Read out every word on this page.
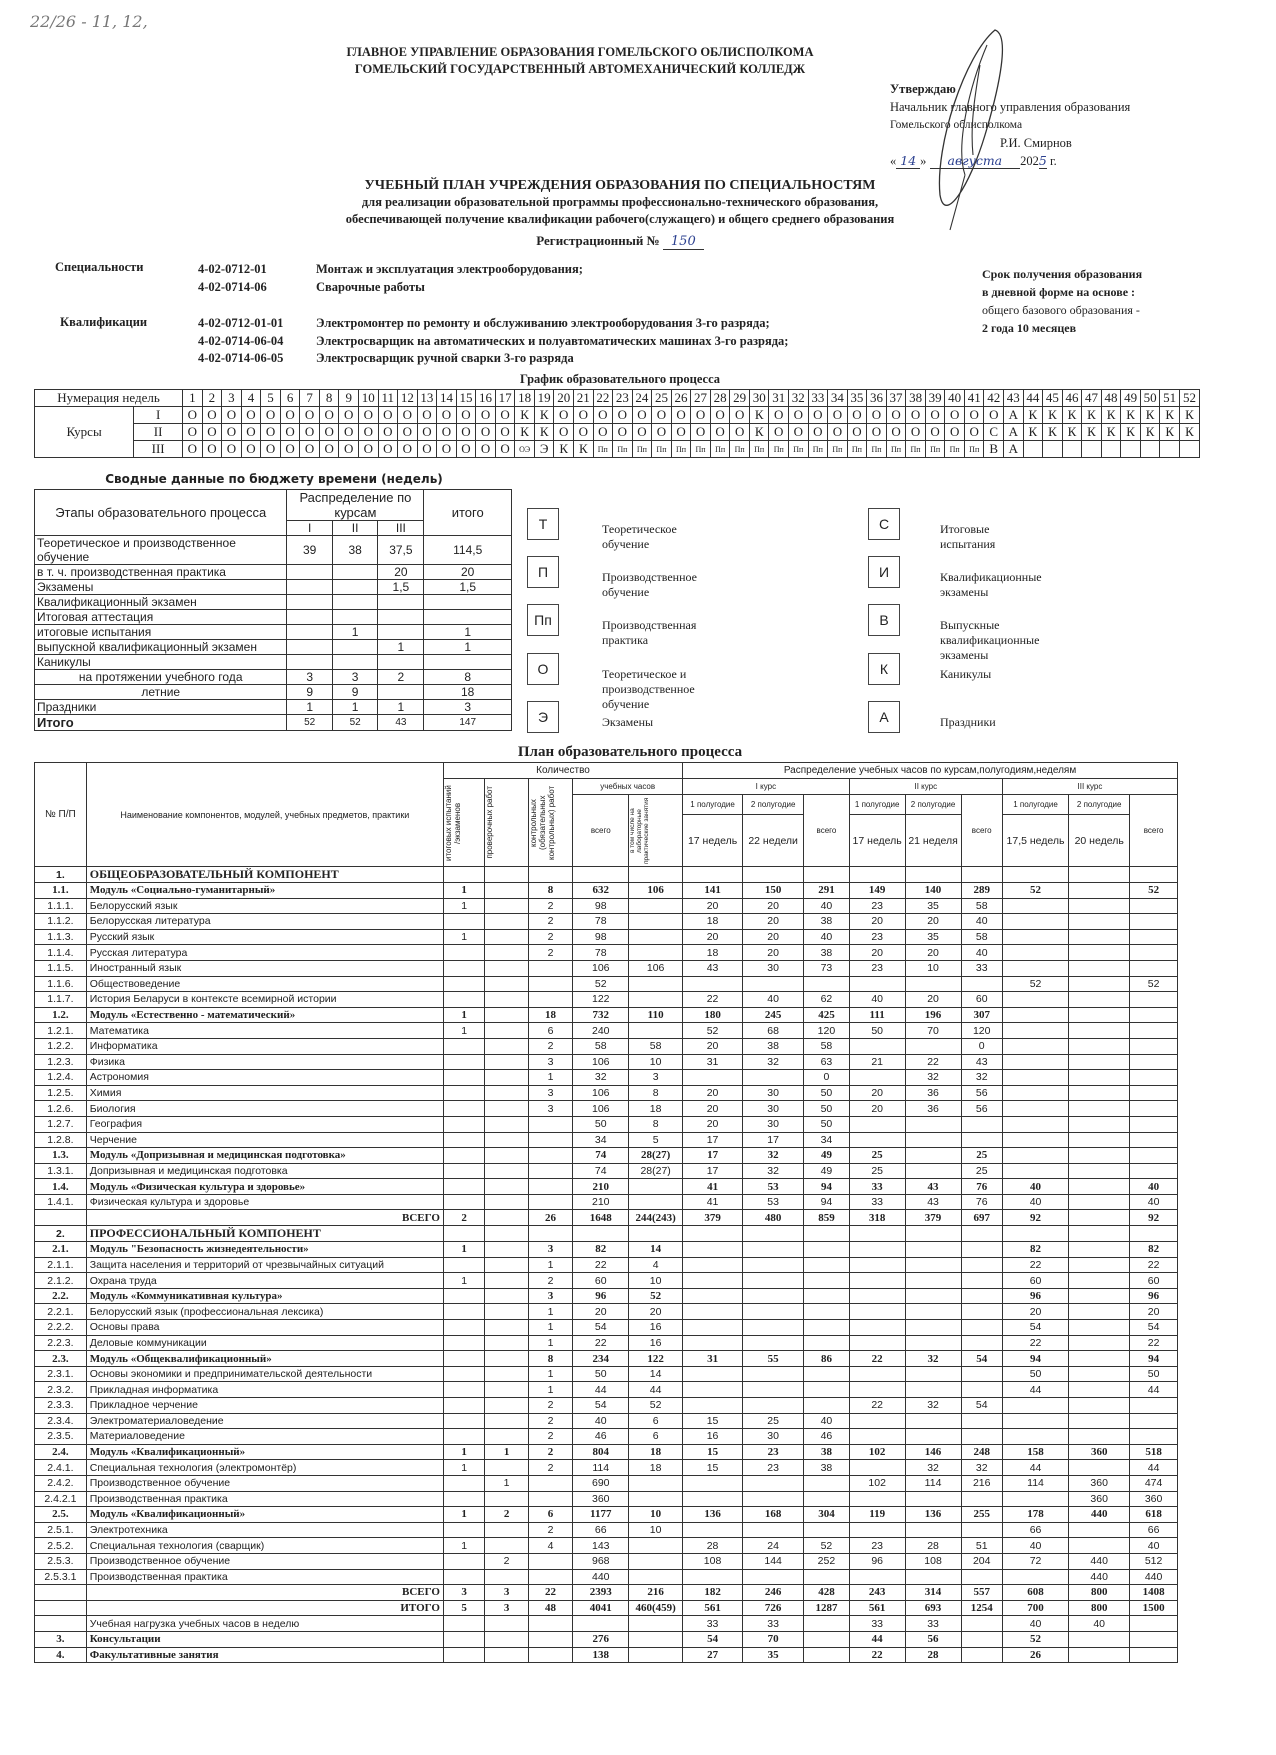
22/26 - 11, 12,
ГЛАВНОЕ УПРАВЛЕНИЕ ОБРАЗОВАНИЯ ГОМЕЛЬСКОГО ОБЛИСПОЛКОМА
ГОМЕЛЬСКИЙ ГОСУДАРСТВЕННЫЙ АВТОМЕХАНИЧЕСКИЙ КОЛЛЕДЖ
Утверждаю
Начальник главного управления образования
Гомельского облисполкома
Р.И. Смирнов
« 14 » августа 2025 г.
УЧЕБНЫЙ ПЛАН УЧРЕЖДЕНИЯ ОБРАЗОВАНИЯ ПО СПЕЦИАЛЬНОСТЯМ
для реализации образовательной программы профессионально-технического образования,
обеспечивающей получение квалификации рабочего(служащего) и общего среднего образования
Регистрационный № 150
Специальности	4-02-0712-01	Монтаж и эксплуатация электрооборудования;
4-02-0714-06	Сварочные работы
Квалификации	4-02-0712-01-01	Электромонтер по ремонту и обслуживанию электрооборудования 3-го разряда;
4-02-0714-06-04	Электросварщик на автоматических и полуавтоматических машинах 3-го разряда;
4-02-0714-06-05	Электросварщик ручной сварки 3-го разряда
Срок получения образования
в дневной форме на основе :
общего базового образования -
2 года 10 месяцев
График образовательного процесса
Нумерация недель		1	2	3	4	5	6	7	8	9	10	11	12	13	14	15	16	17	18	19	20	21	22	23	24	25	26	27	28	29	30	31	32	33	34	35	36	37	38	39	40	41	42	43	44	45	46	47	48	49	50	51	52
Курсы	I	О	О	О	О	О	О	О	О	О	О	О	О	О	О	О	О	О	К	К	О	О	О	О	О	О	О	О	О	О	К	О	О	О	О	О	О	О	О	О	О	О	О	А	К	К	К	К	К	К	К	К	К
	II	О	О	О	О	О	О	О	О	О	О	О	О	О	О	О	О	О	К	К	О	О	О	О	О	О	О	О	О	О	К	О	О	О	О	О	О	О	О	О	О	О	С	А	К	К	К	К	К	К	К	К	К
	III	О	О	О	О	О	О	О	О	О	О	О	О	О	О	О	О	О	ОЭ	Э	К	К	Пп	Пп	Пп	Пп	Пп	Пп	Пп	Пп	Пп	Пп	Пп	Пп	Пп	Пп	Пп	Пп	Пп	Пп	Пп	Пп	В	А									
Сводные данные по бюджету времени (недель)
Этапы образовательного процесса	Распределение по курсам			итого
	I	II	III	
Теоретическое и производственное обучение	39	38	37,5	114,5
в т. ч. производственная практика			20	20
Экзамены			1,5	1,5
Квалификационный экзамен				
Итоговая аттестация				
итоговые испытания		1		1
выпускной квалификационный экзамен			1	1
Каникулы				
на протяжении учебного года	3	3	2	8
летние	9	9		18
Праздники	1	1	1	3
Итого	52	52	43	147
Т	Теоретическое обучение
П	Производственное обучение
Пп	Производственная практика
О	Теоретическое и производственное обучение
Э	Экзамены
С	Итоговые испытания
И	Квалификационные экзамены
В	Выпускные квалификационные экзамены
К	Каникулы
А	Праздники
План образовательного процесса
№ П/П	Наименование компонентов, модулей, учебных предметов, практики	Количество					Распределение учебных часов по курсам,полугодиям,неделям								

		итоговых испытаний /экзаменов	проверочных работ	контрольных (обязательных контрольных) работ	учебных часов		I курс			II курс			III курс		
					всего	в том числе на лабораторные практические занятия	1 полугодие	2 полугодие	всего	1 полугодие	2 полугодие	всего	1 полугодие	2 полугодие	всего
							17 недель	22 недели		17 недель	21 неделя		17,5 недель	20 недель	
1.	ОБЩЕОБРАЗОВАТЕЛЬНЫЙ КОМПОНЕНТ														
1.1.	Модуль «Социально-гуманитарный»	1		8	632	106	141	150	291	149	140	289	52		52
1.1.1.	Белорусский язык	1		2	98		20	20	40	23	35	58			
1.1.2.	Белорусская литература			2	78		18	20	38	20	20	40			
1.1.3.	Русский язык	1		2	98		20	20	40	23	35	58			
1.1.4.	Русская литература			2	78		18	20	38	20	20	40			
1.1.5.	Иностранный язык				106	106	43	30	73	23	10	33			
1.1.6.	Обществоведение				52								52		52
1.1.7.	История Беларуси в контексте всемирной истории				122		22	40	62	40	20	60			
1.2.	Модуль «Естественно - математический»	1		18	732	110	180	245	425	111	196	307			
1.2.1.	Математика	1		6	240		52	68	120	50	70	120			
1.2.2.	Информатика			2	58	58	20	38	58			0			
1.2.3.	Физика			3	106	10	31	32	63	21	22	43			
1.2.4.	Астрономия			1	32	3			0		32	32			
1.2.5.	Химия			3	106	8	20	30	50	20	36	56			
1.2.6.	Биология			3	106	18	20	30	50	20	36	56			
1.2.7.	География				50	8	20	30	50						
1.2.8.	Черчение				34	5	17	17	34						
1.3.	Модуль «Допризывная и медицинская подготовка»				74	28(27)	17	32	49	25		25			
1.3.1.	Допризывная и медицинская подготовка				74	28(27)	17	32	49	25		25			
1.4.	Модуль «Физическая культура и здоровье»				210		41	53	94	33	43	76	40		40
1.4.1.	Физическая культура и здоровье				210		41	53	94	33	43	76	40		40
	ВСЕГО	2		26	1648	244(243)	379	480	859	318	379	697	92		92
2.	ПРОФЕССИОНАЛЬНЫЙ КОМПОНЕНТ														
2.1.	Модуль "Безопасность жизнедеятельности»	1		3	82	14							82		82
2.1.1.	Защита населения и территорий от чрезвычайных ситуаций			1	22	4							22		22
2.1.2.	Охрана труда	1		2	60	10							60		60
2.2.	Модуль «Коммуникативная культура»			3	96	52							96		96
2.2.1.	Белорусский язык (профессиональная лексика)			1	20	20							20		20
2.2.2.	Основы права			1	54	16							54		54
2.2.3.	Деловые коммуникации			1	22	16							22		22
2.3.	Модуль «Общеквалификационный»			8	234	122	31	55	86	22	32	54	94		94
2.3.1.	Основы экономики и предпринимательской деятельности			1	50	14							50		50
2.3.2.	Прикладная информатика			1	44	44							44		44
2.3.3.	Прикладное черчение			2	54	52				22	32	54			
2.3.4.	Электроматериаловедение			2	40	6	15	25	40						
2.3.5.	Материаловедение			2	46	6	16	30	46						
2.4.	Модуль «Квалификационный»	1	1	2	804	18	15	23	38	102	146	248	158	360	518
2.4.1.	Специальная технология (электромонтёр)	1		2	114	18	15	23	38		32	32	44		44
2.4.2.	Производственное обучение		1		690					102	114	216	114	360	474
2.4.2.1	Производственная практика				360									360	360
2.5.	Модуль «Квалификационный»	1	2	6	1177	10	136	168	304	119	136	255	178	440	618
2.5.1.	Электротехника			2	66	10							66		66
2.5.2.	Специальная технология (сварщик)	1		4	143		28	24	52	23	28	51	40		40
2.5.3.	Производственное обучение		2		968		108	144	252	96	108	204	72	440	512
2.5.3.1	Производственная практика				440									440	440
	ВСЕГО	3	3	22	2393	216	182	246	428	243	314	557	608	800	1408
	ИТОГО	5	3	48	4041	460(459)	561	726	1287	561	693	1254	700	800	1500
	Учебная нагрузка учебных часов в неделю						33	33		33	33		40	40	
3.	Консультации				276		54	70		44	56		52		
4.	Факультативные занятия				138		27	35		22	28		26		
